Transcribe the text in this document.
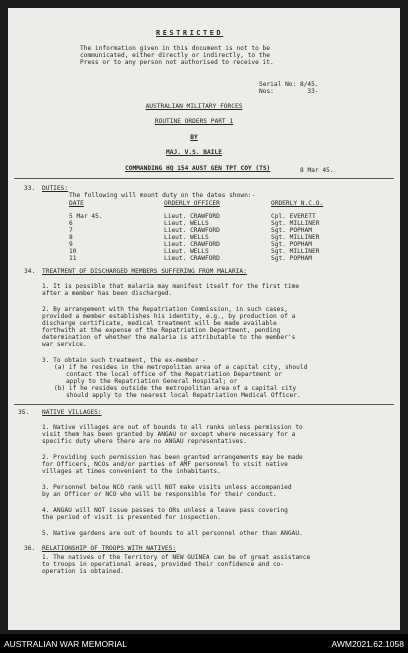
RESTRICTED
The information given in this document is not to be
communicated, either directly or indirectly, to the
Press or to any person not authorised to receive it.
Serial No: 8/45.
Nos:         33-
AUSTRALIAN MILITARY FORCES
ROUTINE ORDERS PART 1
BY
MAJ. V.S. BAILE
COMMANDING HQ 154 AUST GEN TPT COY (TS)	8 Mar 45.
33. DUTIES:
The following will mount duty on the dates shown:-
DATE	ORDERLY OFFICER	ORDERLY N.C.O.
5 Mar 45.	Lieut. CRAWFORD	Cpl. EVERETT
6	Lieut. WELLS	Sgt. MILLINER
7	Lieut. CRAWFORD	Sgt. POPHAM
8	Lieut. WELLS	Sgt. MILLINER
9	Lieut. CRAWFORD	Sgt. POPHAM
10	Lieut. WELLS	Sgt. MILLINER
11	Lieut. CRAWFORD	Sgt. POPHAM
34. TREATMENT OF DISCHARGED MEMBERS SUFFERING FROM MALARIA:
1. It is possible that malaria may manifest itself for the first time
after a member has been discharged.
2. By arrangement with the Repatriation Commission, in such cases,
provided a member establishes his identity, e.g., by production of a
discharge certificate, medical treatment will be made available
forthwith at the expense of the Repatriation Department, pending
determination of whether the malaria is attributable to the member's
war service.
3. To obtain such treatment, the ex-member -
(a) if he resides in the metropolitan area of a capital city, should
contact the local office of the Repatriation Department or
apply to the Repatriation General Hospital; or
(b) if he resides outside the metropolitan area of a capital city
should apply to the nearest local Repatriation Medical Officer.
35. NATIVE VILLAGES:
1. Native villages are out of bounds to all ranks unless permission to
visit them has been granted by ANGAU or except where necessary for a
specific duty where there are no ANGAU representatives.
2. Providing such permission has been granted arrangements may be made
for Officers, NCOs and/or parties of AMF personnel to visit native
villages at times convenient to the inhabitants.
3. Personnel below NCO rank will NOT make visits unless accompanied
by an Officer or NCO who will be responsible for their conduct.
4. ANGAU will NOT issue passes to ORs unless a leave pass covering
the period of visit is presented for inspection.
5. Native gardens are out of bounds to all personnel other than ANGAU.
36. RELATIONSHIP OF TROOPS WITH NATIVES:
1. The natives of the Territory of NEW GUINEA can be of great assistance
to troops in operational areas, provided their confidence and co-
operation is obtained.
AUSTRALIAN WAR MEMORIAL	AWM2021.62.1058
